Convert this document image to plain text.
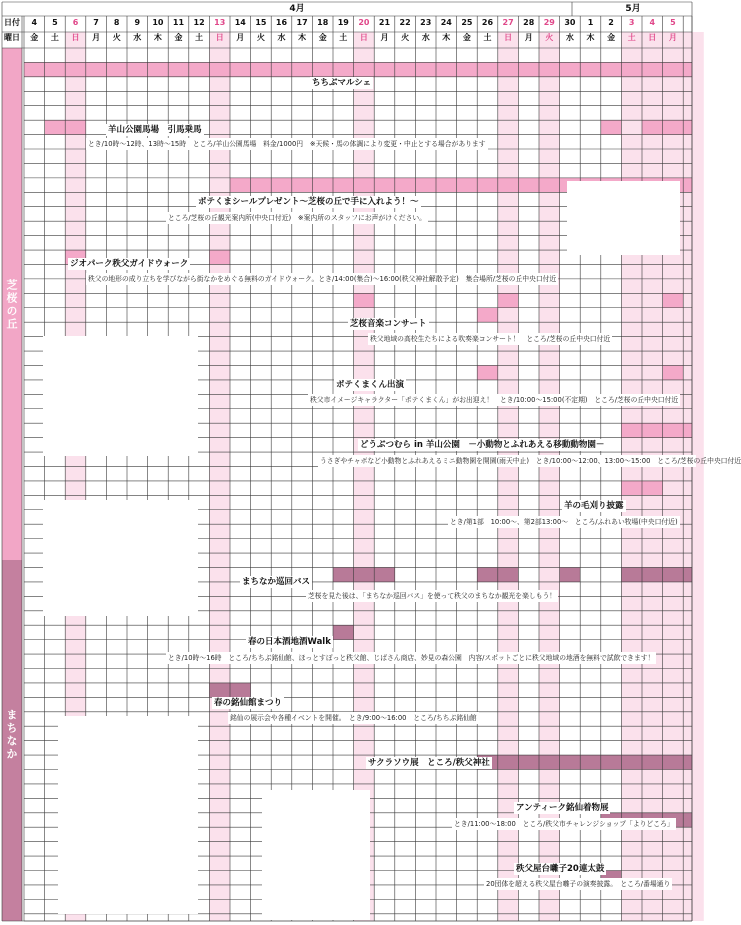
日付
曜日
4月	5月
4
金
5
土
6
日
7
月
8
火
9
水
10
木
11
金
12
土
13
日
14
月
15
火
16
水
17
木
18
金
19
土
20
日
21
月
22
火
23
水
24
木
25
金
26
土
27
日
28
月
29
火
30
水
1
木
2
金
3
土
4
日
5
月
芝桜の丘
まちなか
ちちぶマルシェ
羊山公園馬場　引馬乗馬
とき/10時～12時、13時～15時　ところ/羊山公園馬場　料金/1000円　※天候・馬の体調により変更・中止とする場合があります
ポテくまシールプレゼント～芝桜の丘で手に入れよう！～
ところ/芝桜の丘観光案内所(中央口付近)　※案内所のスタッフにお声がけください。
ジオパーク秩父ガイドウォーク
秩父の地形の成り立ちを学びながら街なかをめぐる無料のガイドウォーク。とき/14:00(集合)～16:00(秩父神社解散予定)　集合場所/芝桜の丘中央口付近
芝桜音楽コンサート
秩父地域の高校生たちによる吹奏楽コンサート！　ところ/芝桜の丘中央口付近
ポテくまくん出演
秩父市イメージキャラクター「ポテくまくん」がお出迎え！　とき/10:00～15:00(不定期)　ところ/芝桜の丘中央口付近
どうぶつむら in 羊山公園　－小動物とふれあえる移動動物園－
うさぎやチャボなど小動物とふれあえるミニ動物園を開園(雨天中止)　とき/10:00～12:00、13:00～15:00　ところ/芝桜の丘中央口付近
羊の毛刈り披露
とき/第1部　10:00～、第2部13:00～　ところ/ふれあい牧場(中央口付近)
まちなか巡回バス
芝桜を見た後は、「まちなか巡回バス」を使って秩父のまちなか観光を楽しもう！
春の日本酒地酒Walk
とき/10時～16時　ところ/ちちぶ銘仙館、ほっとすぽっと秩父館、じばさん商店、妙見の森公園　内容/スポットごとに秩父地域の地酒を無料で試飲できます！
春の銘仙館まつり
銘仙の展示会や各種イベントを開催。　とき/9:00～16:00　ところ/ちちぶ銘仙館
サクラソウ展　ところ/秩父神社
アンティーク銘仙着物展
とき/11:00～18:00　ところ/秩父市チャレンジショップ「よりどころ」
秩父屋台囃子20連太鼓
20団体を超える秩父屋台囃子の演奏披露。　ところ/番場通り
